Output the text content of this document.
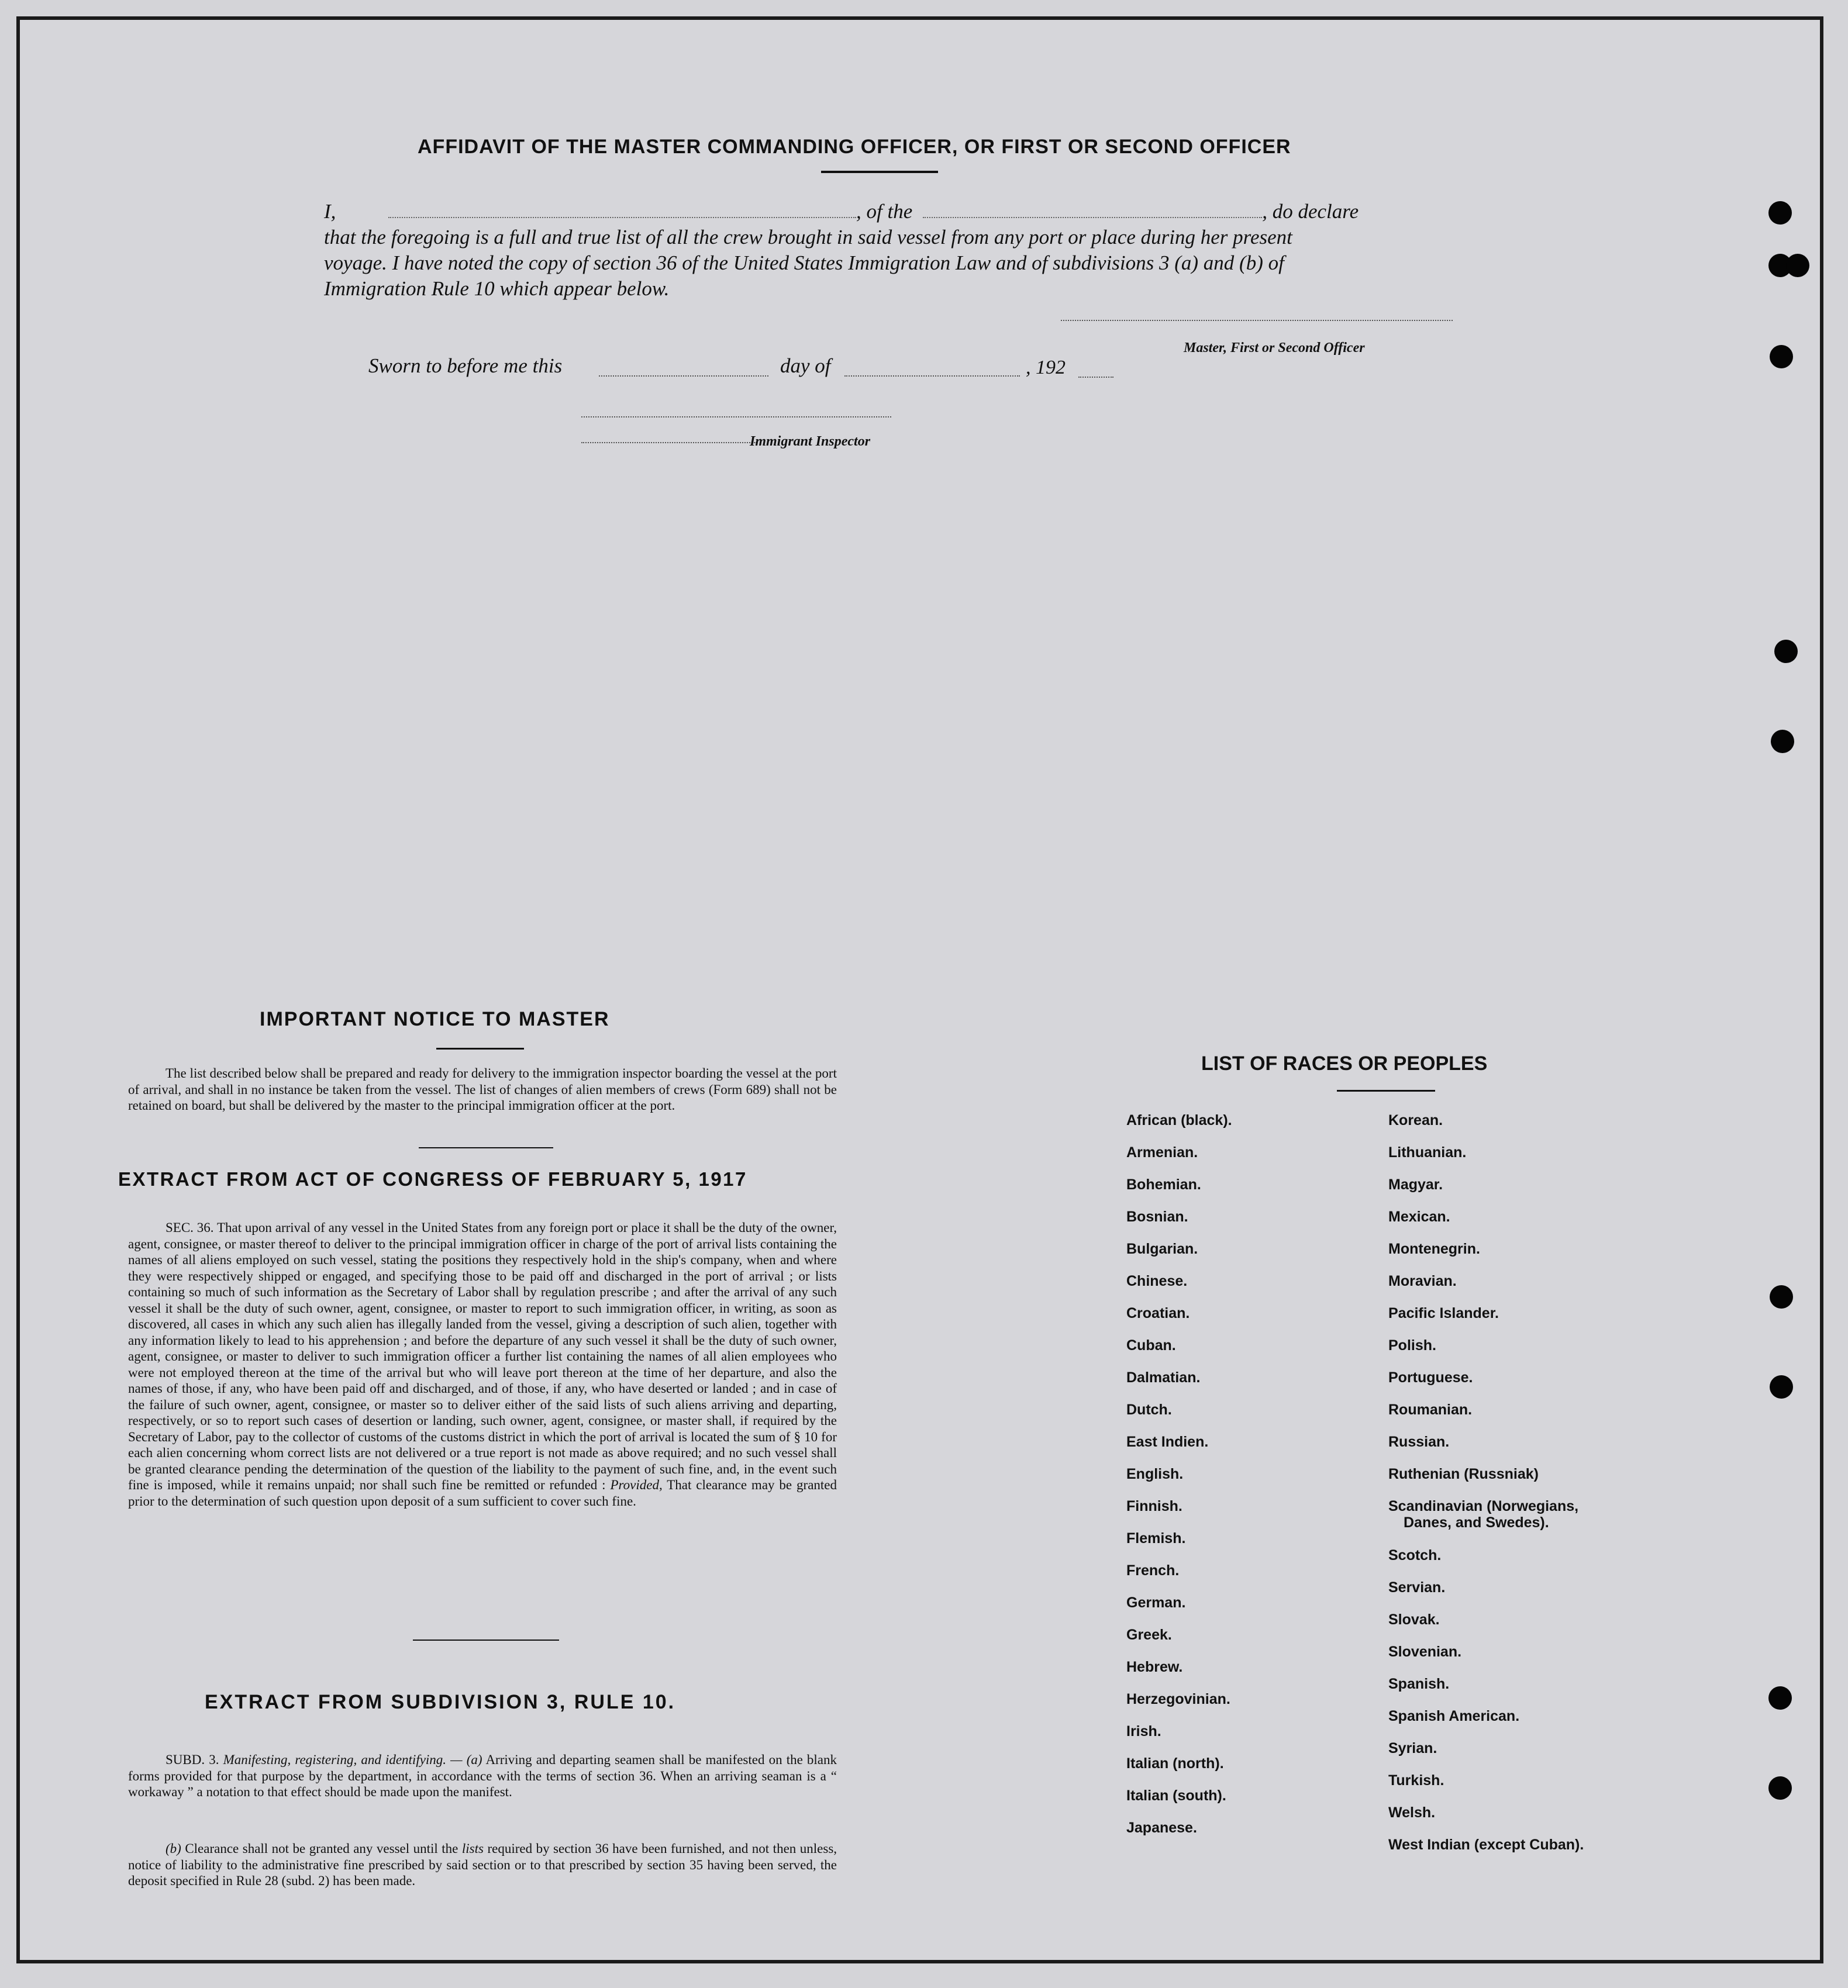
AFFIDAVIT OF THE MASTER COMMANDING OFFICER, OR FIRST OR SECOND OFFICER
I,	, of the	, do declare
that the foregoing is a full and true list of all the crew brought in said vessel from any port or place during her present
voyage. I have noted the copy of section 36 of the United States Immigration Law and of subdivisions 3 (a) and (b) of
Immigration Rule 10 which appear below.
Master, First or Second Officer
Sworn to before me this	day of	, 192
Immigrant Inspector
IMPORTANT NOTICE TO MASTER
The list described below shall be prepared and ready for delivery to the immigration inspector boarding the vessel at the port of arrival, and shall in no instance be taken from the vessel. The list of changes of alien members of crews (Form 689) shall not be retained on board, but shall be delivered by the master to the principal immigration officer at the port.
EXTRACT FROM ACT OF CONGRESS OF FEBRUARY 5, 1917
SEC. 36. That upon arrival of any vessel in the United States from any foreign port or place it shall be the duty of the owner, agent, consignee, or master thereof to deliver to the principal immigration officer in charge of the port of arrival lists containing the names of all aliens employed on such vessel, stating the positions they respectively hold in the ship's company, when and where they were respectively shipped or engaged, and specifying those to be paid off and discharged in the port of arrival ; or lists containing so much of such information as the Secretary of Labor shall by regulation prescribe ; and after the arrival of any such vessel it shall be the duty of such owner, agent, consignee, or master to report to such immigration officer, in writing, as soon as discovered, all cases in which any such alien has illegally landed from the vessel, giving a description of such alien, together with any information likely to lead to his apprehension ; and before the departure of any such vessel it shall be the duty of such owner, agent, consignee, or master to deliver to such immigration officer a further list containing the names of all alien employees who were not employed thereon at the time of the arrival but who will leave port thereon at the time of her departure, and also the names of those, if any, who have been paid off and discharged, and of those, if any, who have deserted or landed ; and in case of the failure of such owner, agent, consignee, or master so to deliver either of the said lists of such aliens arriving and departing, respectively, or so to report such cases of desertion or landing, such owner, agent, consignee, or master shall, if required by the Secretary of Labor, pay to the collector of customs of the customs district in which the port of arrival is located the sum of § 10 for each alien concerning whom correct lists are not delivered or a true report is not made as above required; and no such vessel shall be granted clearance pending the determination of the question of the liability to the payment of such fine, and, in the event such fine is imposed, while it remains unpaid; nor shall such fine be remitted or refunded : Provided, That clearance may be granted prior to the determination of such question upon deposit of a sum sufficient to cover such fine.
EXTRACT FROM SUBDIVISION 3, RULE 10.
SUBD. 3. Manifesting, registering, and identifying. — (a) Arriving and departing seamen shall be manifested on the blank forms provided for that purpose by the department, in accordance with the terms of section 36. When an arriving seaman is a “ workaway ” a notation to that effect should be made upon the manifest.
(b) Clearance shall not be granted any vessel until the lists required by section 36 have been furnished, and not then unless, notice of liability to the administrative fine prescribed by said section or to that prescribed by section 35 having been served, the deposit specified in Rule 28 (subd. 2) has been made.
LIST OF RACES OR PEOPLES
African (black).
Armenian.
Bohemian.
Bosnian.
Bulgarian.
Chinese.
Croatian.
Cuban.
Dalmatian.
Dutch.
East Indien.
English.
Finnish.
Flemish.
French.
German.
Greek.
Hebrew.
Herzegovinian.
Irish.
Italian (north).
Italian (south).
Japanese.
Korean.
Lithuanian.
Magyar.
Mexican.
Montenegrin.
Moravian.
Pacific Islander.
Polish.
Portuguese.
Roumanian.
Russian.
Ruthenian (Russniak)
Scandinavian (Norwegians,
Danes, and Swedes).
Scotch.
Servian.
Slovak.
Slovenian.
Spanish.
Spanish American.
Syrian.
Turkish.
Welsh.
West Indian (except Cuban).
